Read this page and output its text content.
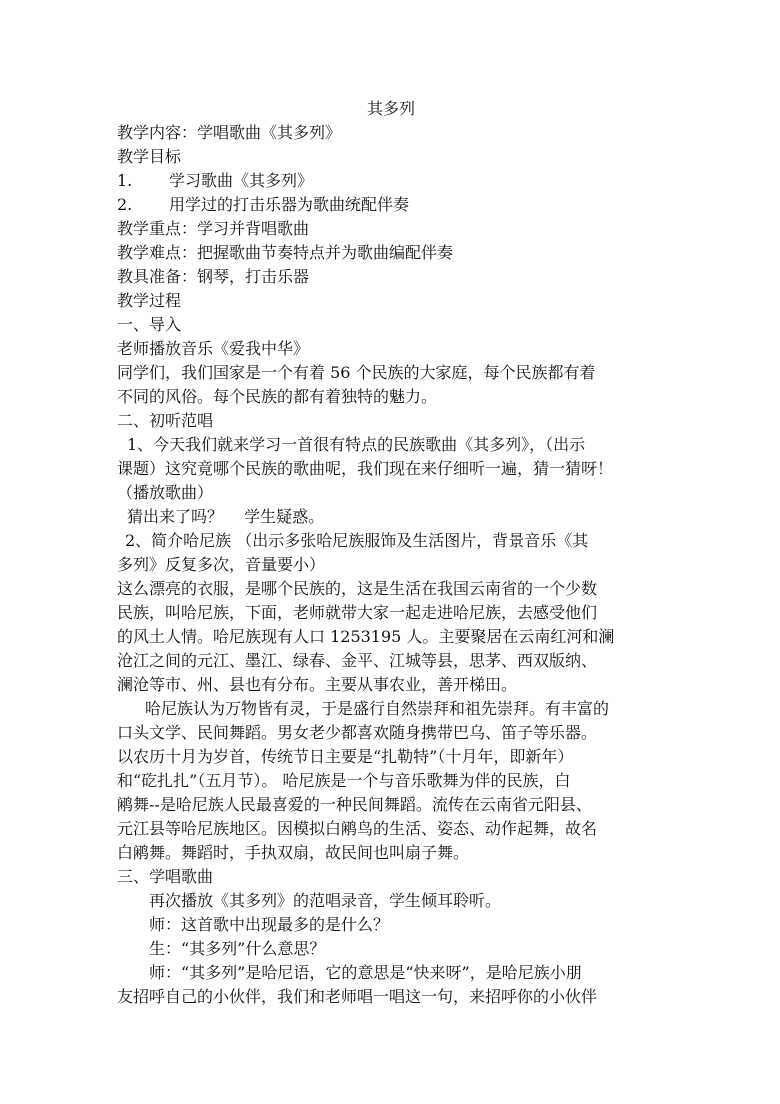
其多列
教学内容：学唱歌曲《其多列》
教学目标
1. 学习歌曲《其多列》
2. 用学过的打击乐器为歌曲统配伴奏
教学重点：学习并背唱歌曲
教学难点：把握歌曲节奏特点并为歌曲编配伴奏
教具准备：钢琴，打击乐器
教学过程
一、导入
老师播放音乐《爱我中华》
同学们，我们国家是一个有着 56 个民族的大家庭，每个民族都有着
不同的风俗。每个民族的都有着独特的魅力。
二、初听范唱
1、今天我们就来学习一首很有特点的民族歌曲《其多列》，（出示
课题）这究竟哪个民族的歌曲呢，我们现在来仔细听一遍，猜一猜呀！
（播放歌曲）
猜出来了吗？　 学生疑惑。
2、简介哈尼族 （出示多张哈尼族服饰及生活图片，背景音乐《其
多列》反复多次，音量要小）
这么漂亮的衣服，是哪个民族的，这是生活在我国云南省的一个少数
民族，叫哈尼族，下面，老师就带大家一起走进哈尼族，去感受他们
的风土人情。哈尼族现有人口 1253195 人。主要聚居在云南红河和澜
沧江之间的元江、墨江、绿春、金平、江城等县，思茅、西双版纳、
澜沧等市、州、县也有分布。主要从事农业，善开梯田。
哈尼族认为万物皆有灵，于是盛行自然崇拜和祖先崇拜。有丰富的
口头文学、民间舞蹈。男女老少都喜欢随身携带巴乌、笛子等乐器。
以农历十月为岁首，传统节日主要是“扎勒特”（十月年，即新年）
和“矻扎扎”（五月节）。 哈尼族是一个与音乐歌舞为伴的民族，白
鹇舞--是哈尼族人民最喜爱的一种民间舞蹈。流传在云南省元阳县、
元江县等哈尼族地区。因模拟白鹇鸟的生活、姿态、动作起舞，故名
白鹇舞。舞蹈时，手执双扇，故民间也叫扇子舞。
三、学唱歌曲
再次播放《其多列》的范唱录音，学生倾耳聆听。
师：这首歌中出现最多的是什么？
生：“其多列”什么意思？
师：“其多列”是哈尼语，它的意思是“快来呀”，是哈尼族小朋
友招呼自己的小伙伴，我们和老师唱一唱这一句，来招呼你的小伙伴
